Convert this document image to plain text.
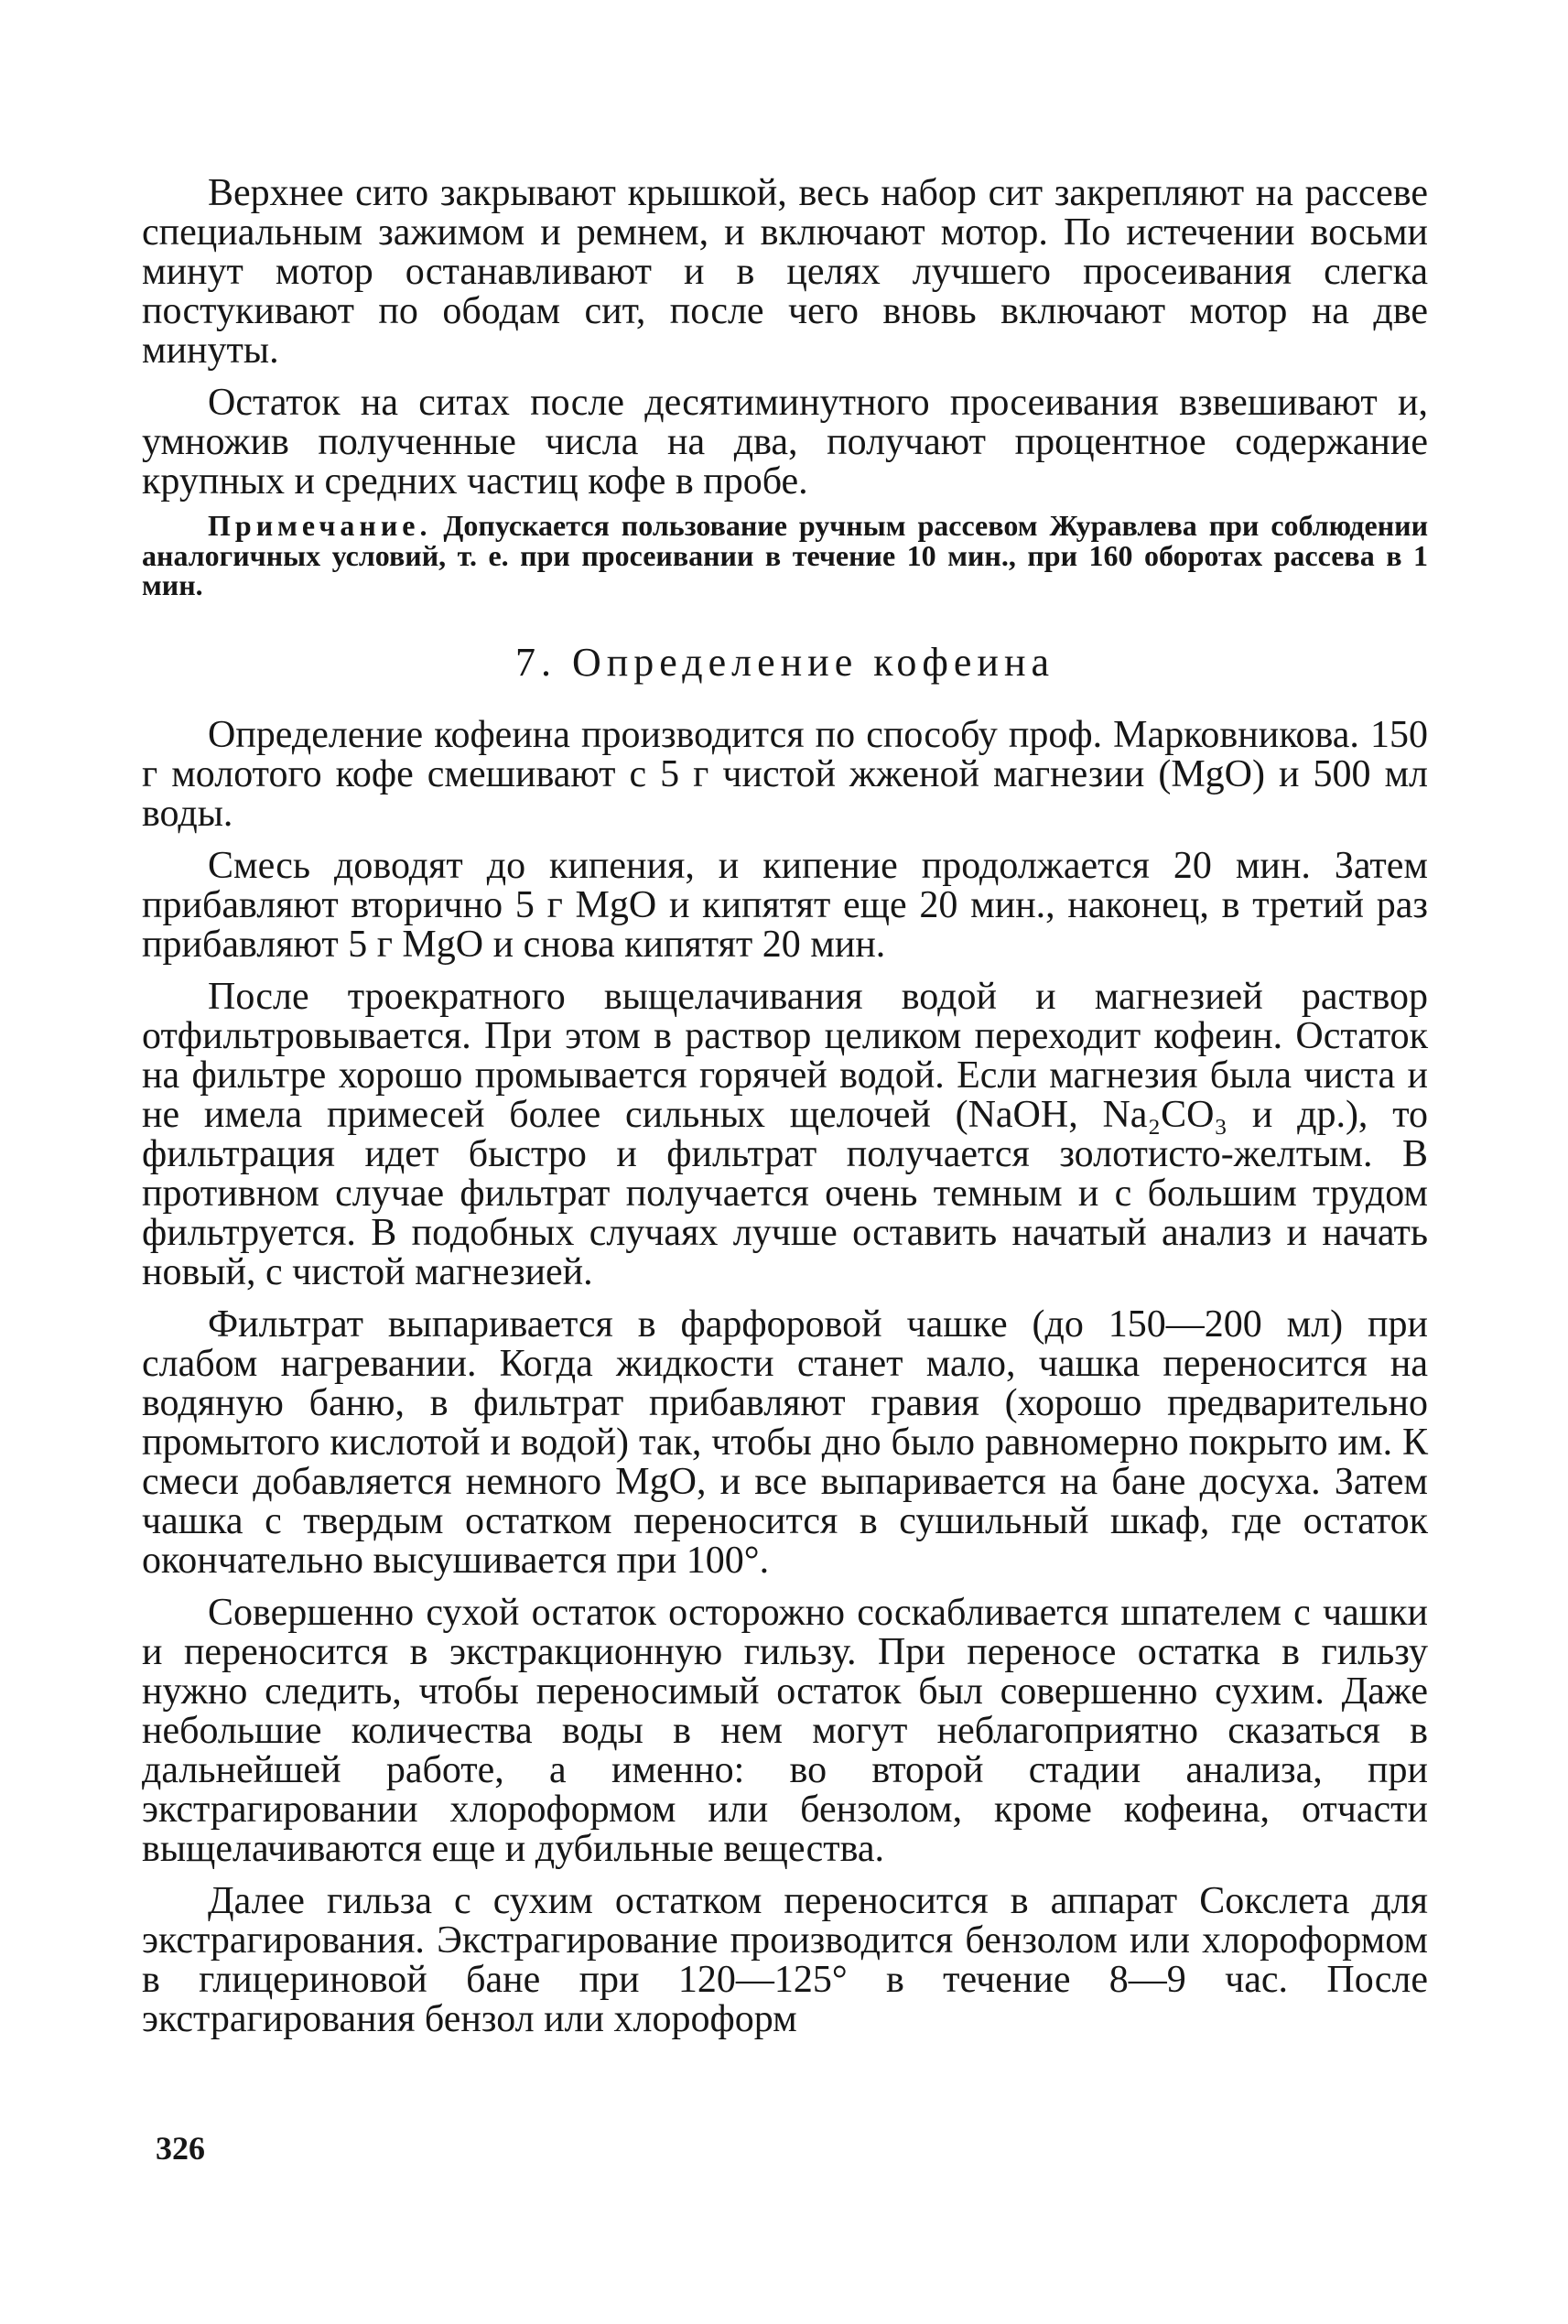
Верхнее сито закрывают крышкой, весь набор сит закрепляют на рассеве специальным зажимом и ремнем, и включают мотор. По истечении восьми минут мотор останавливают и в целях лучшего просеивания слегка постукивают по ободам сит, после чего вновь включают мотор на две минуты.

Остаток на ситах после десятиминутного просеивания взвешивают и, умножив полученные числа на два, получают процентное содержание крупных и средних частиц кофе в пробе.

Примечание. Допускается пользование ручным рассевом Журавлева при соблюдении аналогичных условий, т. е. при просеивании в течение 10 мин., при 160 оборотах рассева в 1 мин.

7. Определение кофеина

Определение кофеина производится по способу проф. Марковникова. 150 г молотого кофе смешивают с 5 г чистой жженой магнезии (MgO) и 500 мл воды.

Смесь доводят до кипения, и кипение продолжается 20 мин. Затем прибавляют вторично 5 г MgO и кипятят еще 20 мин., наконец, в третий раз прибавляют 5 г MgO и снова кипятят 20 мин.

После троекратного выщелачивания водой и магнезией раствор отфильтровывается. При этом в раствор целиком переходит кофеин. Остаток на фильтре хорошо промывается горячей водой. Если магнезия была чиста и не имела примесей более сильных щелочей (NaOH, Na₂CO₃ и др.), то фильтрация идет быстро и фильтрат получается золотисто-желтым. В противном случае фильтрат получается очень темным и с большим трудом фильтруется. В подобных случаях лучше оставить начатый анализ и начать новый, с чистой магнезией.

Фильтрат выпаривается в фарфоровой чашке (до 150—200 мл) при слабом нагревании. Когда жидкости станет мало, чашка переносится на водяную баню, в фильтрат прибавляют гравия (хорошо предварительно промытого кислотой и водой) так, чтобы дно было равномерно покрыто им. К смеси добавляется немного MgO, и все выпаривается на бане досуха. Затем чашка с твердым остатком переносится в сушильный шкаф, где остаток окончательно высушивается при 100°.

Совершенно сухой остаток осторожно соскабливается шпателем с чашки и переносится в экстракционную гильзу. При переносе остатка в гильзу нужно следить, чтобы переносимый остаток был совершенно сухим. Даже небольшие количества воды в нем могут неблагоприятно сказаться в дальнейшей работе, а именно: во второй стадии анализа, при экстрагировании хлороформом или бензолом, кроме кофеина, отчасти выщелачиваются еще и дубильные вещества.

Далее гильза с сухим остатком переносится в аппарат Сокслета для экстрагирования. Экстрагирование производится бензолом или хлороформом в глицериновой бане при 120—125° в течение 8—9 час. После экстрагирования бензол или хлороформ

326
